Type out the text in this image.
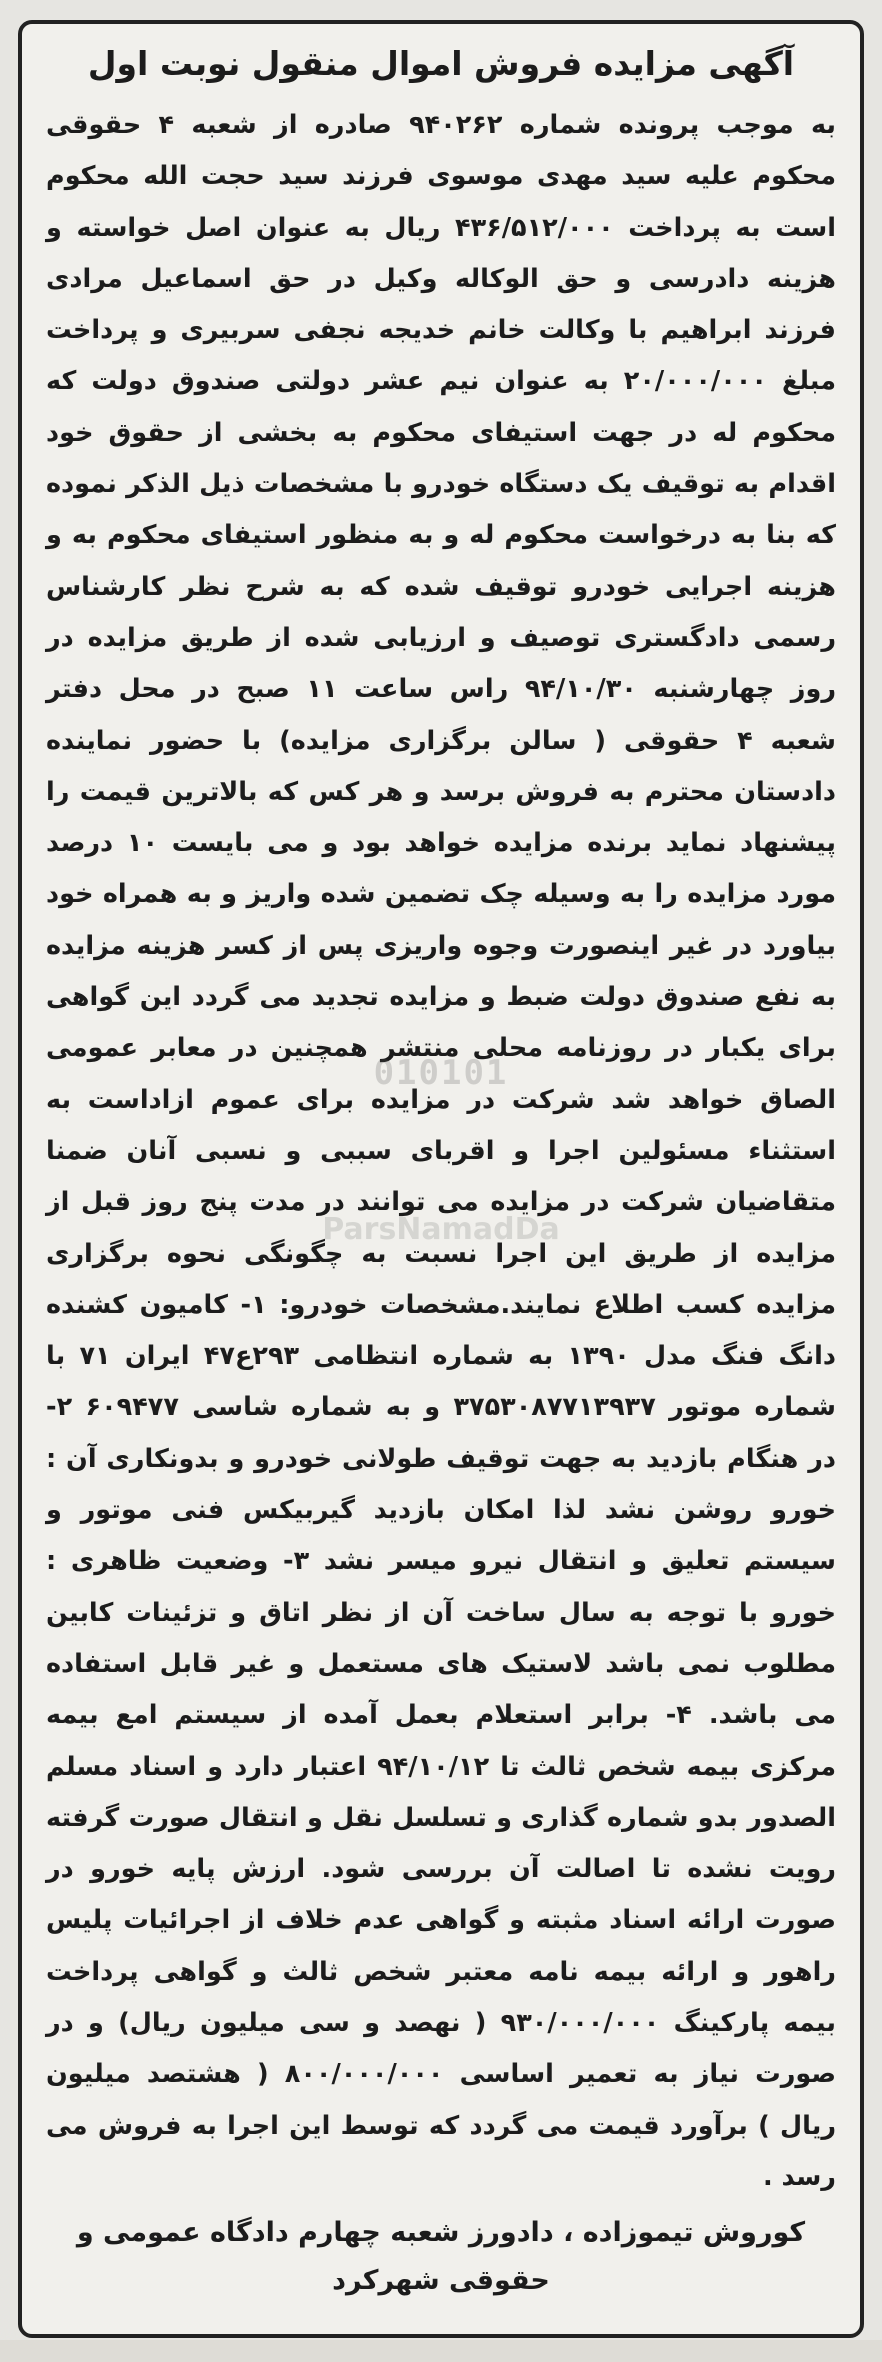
آگهی مزایده فروش اموال منقول نوبت اول

به موجب پرونده شماره ۹۴۰۲۶۲ صادره از شعبه ۴ حقوقی محکوم علیه سید مهدی موسوی فرزند سید حجت الله محکوم است به پرداخت ۴۳۶/۵۱۲/۰۰۰ ریال به عنوان اصل خواسته و هزینه دادرسی و حق الوکاله وکیل در حق اسماعیل مرادی فرزند ابراهیم با وکالت خانم خدیجه نجفی سربیری و پرداخت مبلغ ۲۰/۰۰۰/۰۰۰ به عنوان نیم عشر دولتی صندوق دولت که محکوم له در جهت استیفای محکوم به بخشی از حقوق خود اقدام به توقیف یک دستگاه خودرو با مشخصات ذیل الذکر نموده که بنا به درخواست محکوم له و به منظور استیفای محکوم به و هزینه اجرایی خودرو توقیف شده که به شرح نظر کارشناس رسمی دادگستری توصیف و ارزیابی شده از طریق مزایده در روز چهارشنبه ۹۴/۱۰/۳۰ راس ساعت ۱۱ صبح در محل دفتر شعبه ۴ حقوقی ( سالن برگزاری مزایده) با حضور نماینده دادستان محترم به فروش برسد و هر کس که بالاترین قیمت را پیشنهاد نماید برنده مزایده خواهد بود و می بایست ۱۰ درصد مورد مزایده را به وسیله چک تضمین شده واریز و به همراه خود بیاورد در غیر اینصورت وجوه واریزی پس از کسر هزینه مزایده به نفع صندوق دولت ضبط و مزایده تجدید می گردد این گواهی برای یکبار در روزنامه محلی منتشر همچنین در معابر عمومی الصاق خواهد شد شرکت در مزایده برای عموم ازاداست به استثناء مسئولین اجرا و اقربای سببی و نسبی آنان ضمنا متقاضیان شرکت در مزایده می توانند در مدت پنج روز قبل از مزایده از طریق این اجرا نسبت به چگونگی نحوه برگزاری مزایده کسب اطلاع نمایند.مشخصات خودرو: ۱- کامیون کشنده دانگ فنگ مدل ۱۳۹۰ به شماره انتظامی ۲۹۳ع۴۷ ایران ۷۱ با شماره موتور ۳۷۵۳۰۸۷۷۱۳۹۳۷ و به شماره شاسی ۶۰۹۴۷۷ ۲- در هنگام بازدید به جهت توقیف طولانی خودرو و بدونکاری آن : خورو روشن نشد لذا امکان بازدید گیربیکس فنی موتور و سیستم تعلیق و انتقال نیرو میسر نشد ۳- وضعیت ظاهری : خورو با توجه به سال ساخت آن از نظر اتاق و تزئینات کابین مطلوب نمی باشد لاستیک های مستعمل و غیر قابل استفاده می باشد. ۴- برابر استعلام بعمل آمده از سیستم امع بیمه مرکزی بیمه شخص ثالث تا ۹۴/۱۰/۱۲ اعتبار دارد و اسناد مسلم الصدور بدو شماره گذاری و تسلسل نقل و انتقال صورت گرفته رویت نشده تا اصالت آن بررسی شود. ارزش پایه خورو در صورت ارائه اسناد مثبته و گواهی عدم خلاف از اجرائیات پلیس راهور و ارائه بیمه نامه معتبر شخص ثالث و گواهی پرداخت بیمه پارکینگ ۹۳۰/۰۰۰/۰۰۰ ( نهصد و سی میلیون ریال) و در صورت نیاز به تعمیر اساسی ۸۰۰/۰۰۰/۰۰۰ ( هشتصد میلیون ریال ) برآورد قیمت می گردد که توسط این اجرا به فروش می رسد .

کوروش تیموزاده ، دادورز شعبه چهارم دادگاه عمومی و حقوقی شهرکرد
010101
ParsNamadDa
